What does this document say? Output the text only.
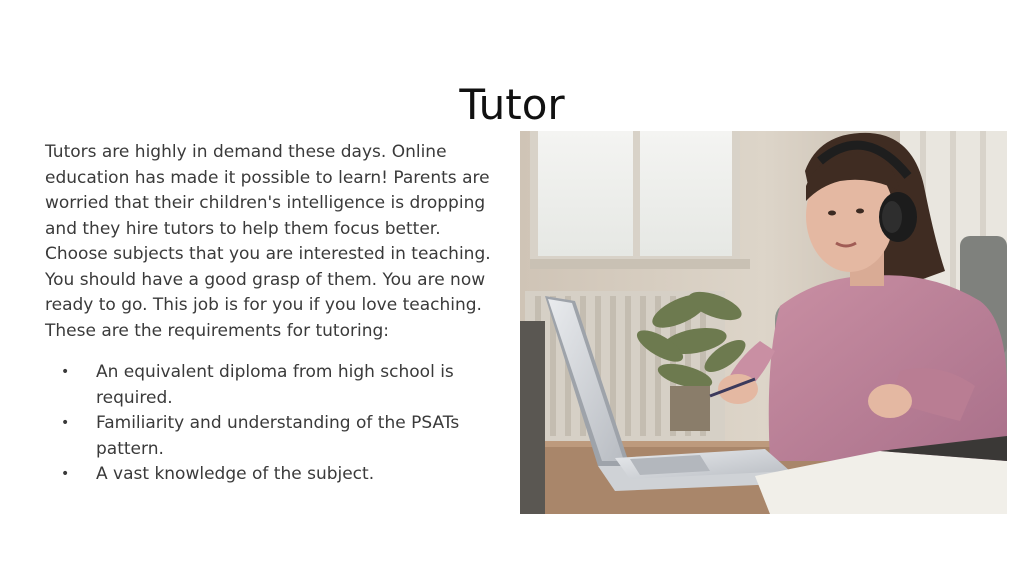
Tutor

Tutors are highly in demand these days. Online education has made it possible to learn! Parents are worried that their children's intelligence is dropping and they hire tutors to help them focus better. Choose subjects that you are interested in teaching. You should have a good grasp of them. You are now ready to go. This job is for you if you love teaching. These are the requirements for tutoring:

• An equivalent diploma from high school is required.
• Familiarity and understanding of the PSATs pattern.
• A vast knowledge of the subject.
